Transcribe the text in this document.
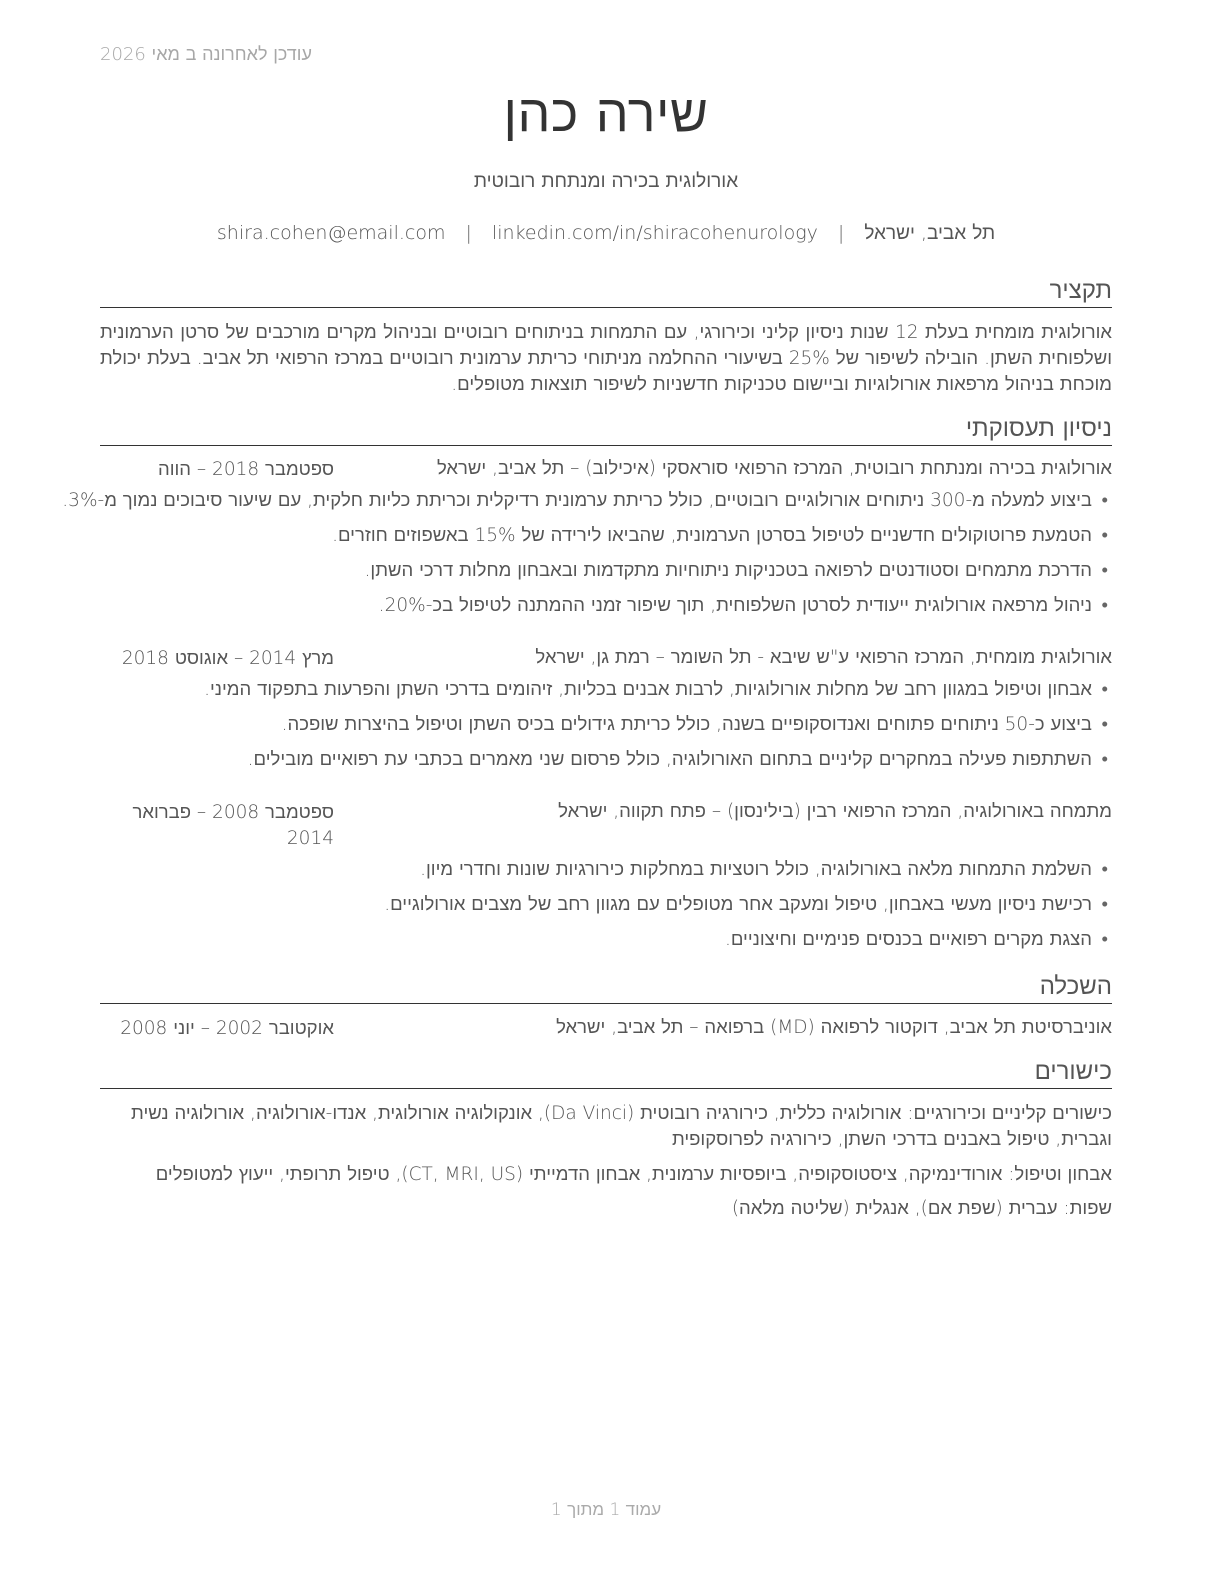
עודכן לאחרונה ב מאי 2026
שירה כהן
אורולוגית בכירה ומנתחת רובוטית
תל אביב, ישראל | shira.cohen@email.com | linkedin.com/in/shiracohenurology
תקציר
אורולוגית מומחית בעלת 12 שנות ניסיון קליני וכירורגי, עם התמחות בניתוחים רובוטיים ובניהול מקרים מורכבים של סרטן הערמונית ושלפוחית השתן. הובילה לשיפור של 25% בשיעורי ההחלמה מניתוחי כריתת ערמונית רובוטיים במרכז הרפואי תל אביב. בעלת יכולת מוכחת בניהול מרפאות אורולוגיות וביישום טכניקות חדשניות לשיפור תוצאות מטופלים.
ניסיון תעסוקתי
אורולוגית בכירה ומנתחת רובוטית, המרכז הרפואי סוראסקי (איכילוב) – תל אביב, ישראל
ספטמבר 2018 – הווה
• ביצוע למעלה מ-300 ניתוחים אורולוגיים רובוטיים, כולל כריתת ערמונית רדיקלית וכריתת כליות חלקית, עם שיעור סיבוכים נמוך מ-3%.
• הטמעת פרוטוקולים חדשניים לטיפול בסרטן הערמונית, שהביאו לירידה של 15% באשפוזים חוזרים.
• הדרכת מתמחים וסטודנטים לרפואה בטכניקות ניתוחיות מתקדמות ובאבחון מחלות דרכי השתן.
• ניהול מרפאה אורולוגית ייעודית לסרטן השלפוחית, תוך שיפור זמני ההמתנה לטיפול בכ-20%.
אורולוגית מומחית, המרכז הרפואי ע"ש שיבא - תל השומר – רמת גן, ישראל
מרץ 2014 – אוגוסט 2018
• אבחון וטיפול במגוון רחב של מחלות אורולוגיות, לרבות אבנים בכליות, זיהומים בדרכי השתן והפרעות בתפקוד המיני.
• ביצוע כ-50 ניתוחים פתוחים ואנדוסקופיים בשנה, כולל כריתת גידולים בכיס השתן וטיפול בהיצרות שופכה.
• השתתפות פעילה במחקרים קליניים בתחום האורולוגיה, כולל פרסום שני מאמרים בכתבי עת רפואיים מובילים.
מתמחה באורולוגיה, המרכז הרפואי רבין (בילינסון) – פתח תקווה, ישראל
ספטמבר 2008 – פברואר 2014
• השלמת התמחות מלאה באורולוגיה, כולל רוטציות במחלקות כירורגיות שונות וחדרי מיון.
• רכישת ניסיון מעשי באבחון, טיפול ומעקב אחר מטופלים עם מגוון רחב של מצבים אורולוגיים.
• הצגת מקרים רפואיים בכנסים פנימיים וחיצוניים.
השכלה
אוניברסיטת תל אביב, דוקטור לרפואה (MD) ברפואה – תל אביב, ישראל
אוקטובר 2002 – יוני 2008
כישורים
כישורים קליניים וכירורגיים: אורולוגיה כללית, כירורגיה רובוטית (Da Vinci), אונקולוגיה אורולוגית, אנדו-אורולוגיה, אורולוגיה נשית וגברית, טיפול באבנים בדרכי השתן, כירורגיה לפרוסקופית
אבחון וטיפול: אורודינמיקה, ציסטוסקופיה, ביופסיות ערמונית, אבחון הדמייתי (CT, MRI, US), טיפול תרופתי, ייעוץ למטופלים
שפות: עברית (שפת אם), אנגלית (שליטה מלאה)
עמוד 1 מתוך 1
